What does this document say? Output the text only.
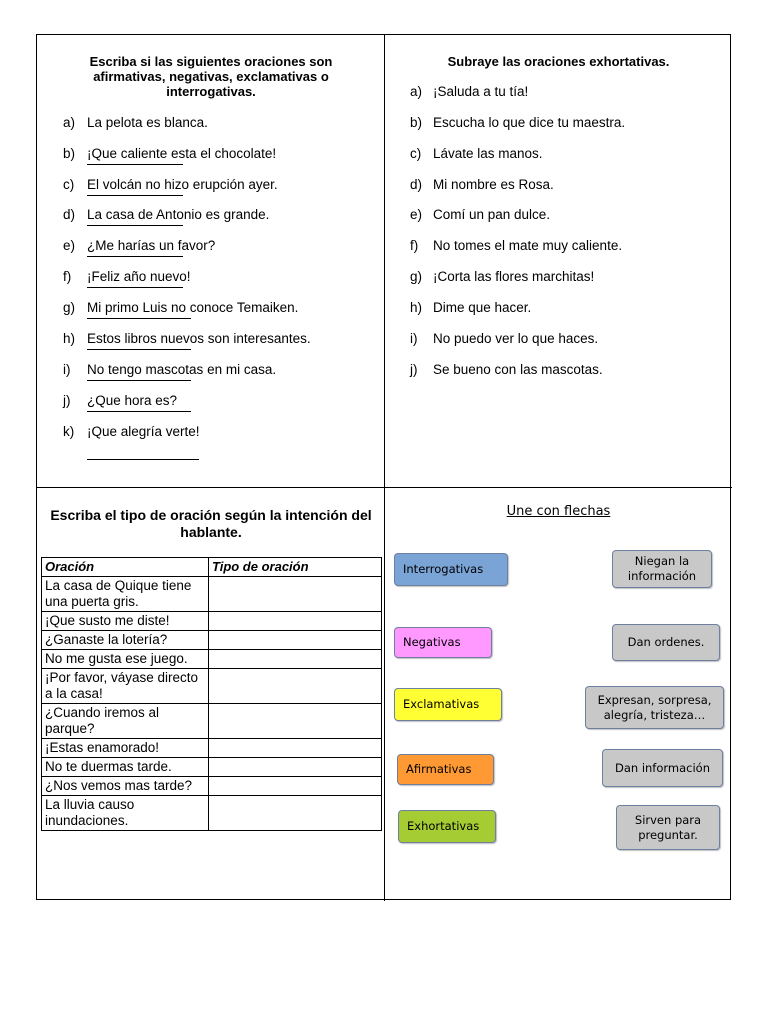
Escriba si las siguientes oraciones son afirmativas, negativas, exclamativas o interrogativas.
a) La pelota es blanca.
b) ¡Que caliente esta el chocolate!
c) El volcán no hizo erupción ayer.
d) La casa de Antonio es grande.
e) ¿Me harías un favor?
f) ¡Feliz año nuevo!
g) Mi primo Luis no conoce Temaiken.
h) Estos libros nuevos son interesantes.
i) No tengo mascotas en mi casa.
j) ¿Que hora es?
k) ¡Que alegría verte!
Subraye las oraciones exhortativas.
a) ¡Saluda a tu tía!
b) Escucha lo que dice tu maestra.
c) Lávate las manos.
d) Mi nombre es Rosa.
e) Comí un pan dulce.
f) No tomes el mate muy caliente.
g) ¡Corta las flores marchitas!
h) Dime que hacer.
i) No puedo ver lo que haces.
j) Se bueno con las mascotas.
Escriba el tipo de oración según la intención del hablante.
Oración	Tipo de oración
La casa de Quique tiene una puerta gris.	
¡Que susto me diste!	
¿Ganaste la lotería?	
No me gusta ese juego.	
¡Por favor, váyase directo a la casa!	
¿Cuando iremos al parque?	
¡Estas enamorado!	
No te duermas tarde.	
¿Nos vemos mas tarde?	
La lluvia causo inundaciones.	
Une con flechas
Interrogativas
Negativas
Exclamativas
Afirmativas
Exhortativas
Niegan la información
Dan ordenes.
Expresan, sorpresa, alegría, tristeza…
Dan información
Sirven para preguntar.
